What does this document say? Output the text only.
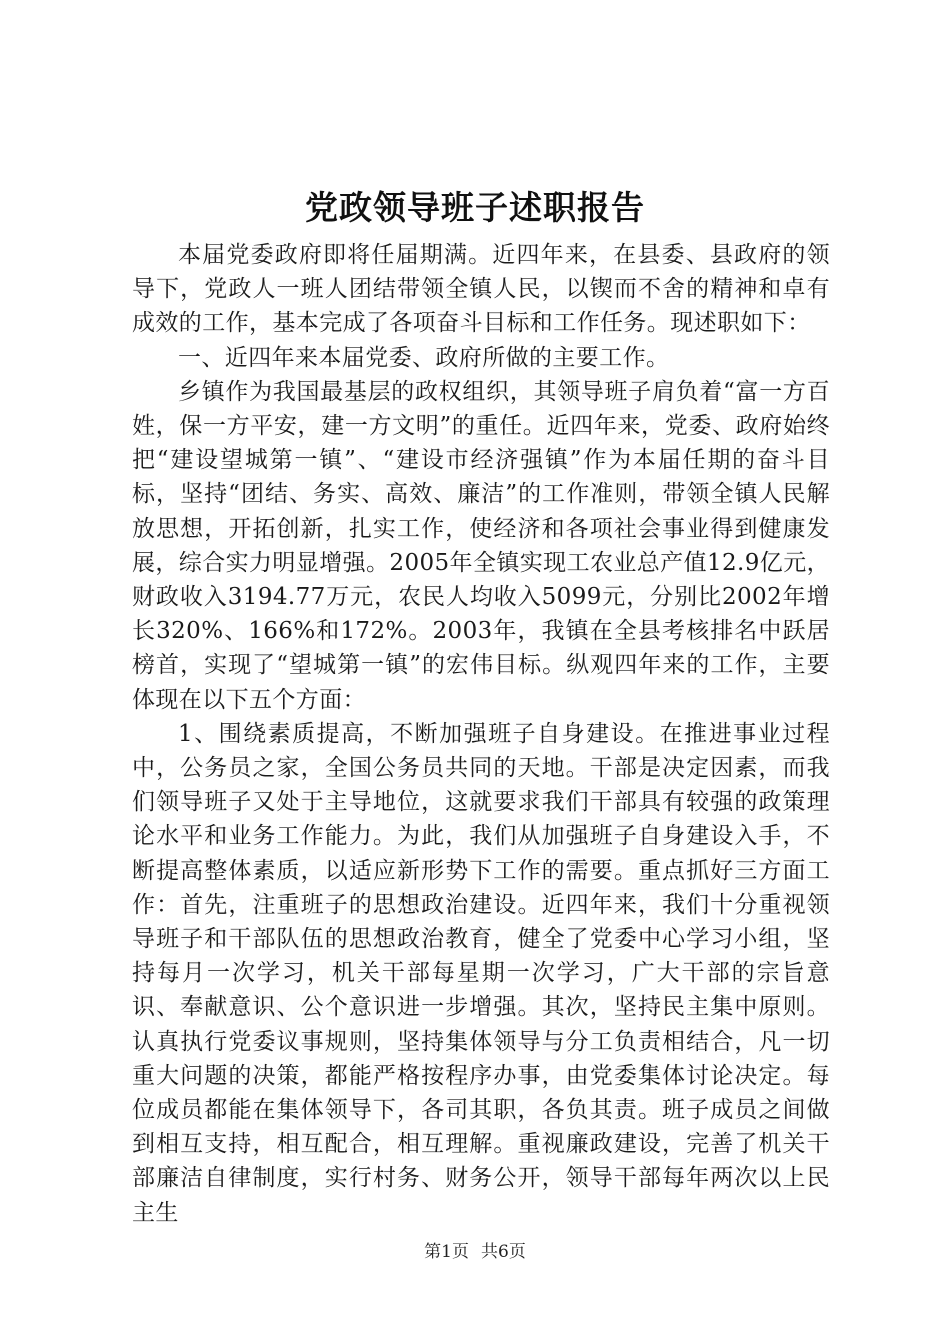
党政领导班子述职报告

本届党委政府即将任届期满。近四年来，在县委、县政府的领导下，党政人一班人团结带领全镇人民，以锲而不舍的精神和卓有成效的工作，基本完成了各项奋斗目标和工作任务。现述职如下：

一、近四年来本届党委、政府所做的主要工作。

乡镇作为我国最基层的政权组织，其领导班子肩负着“富一方百姓，保一方平安，建一方文明”的重任。近四年来，党委、政府始终把“建设望城第一镇”、“建设市经济强镇”作为本届任期的奋斗目标，坚持“团结、务实、高效、廉洁”的工作准则，带领全镇人民解放思想，开拓创新，扎实工作，使经济和各项社会事业得到健康发展，综合实力明显增强。2005年全镇实现工农业总产值12.9亿元，财政收入3194.77万元，农民人均收入5099元，分别比2002年增长320%、166%和172%。2003年，我镇在全县考核排名中跃居榜首，实现了“望城第一镇”的宏伟目标。纵观四年来的工作，主要体现在以下五个方面：

1、围绕素质提高，不断加强班子自身建设。在推进事业过程中，公务员之家，全国公务员共同的天地。干部是决定因素，而我们领导班子又处于主导地位，这就要求我们干部具有较强的政策理论水平和业务工作能力。为此，我们从加强班子自身建设入手，不断提高整体素质，以适应新形势下工作的需要。重点抓好三方面工作：首先，注重班子的思想政治建设。近四年来，我们十分重视领导班子和干部队伍的思想政治教育，健全了党委中心学习小组，坚持每月一次学习，机关干部每星期一次学习，广大干部的宗旨意识、奉献意识、公个意识进一步增强。其次，坚持民主集中原则。认真执行党委议事规则，坚持集体领导与分工负责相结合，凡一切重大问题的决策，都能严格按程序办事，由党委集体讨论决定。每位成员都能在集体领导下，各司其职，各负其责。班子成员之间做到相互支持，相互配合，相互理解。重视廉政建设，完善了机关干部廉洁自律制度，实行村务、财务公开，领导干部每年两次以上民主生

第1页 共6页
